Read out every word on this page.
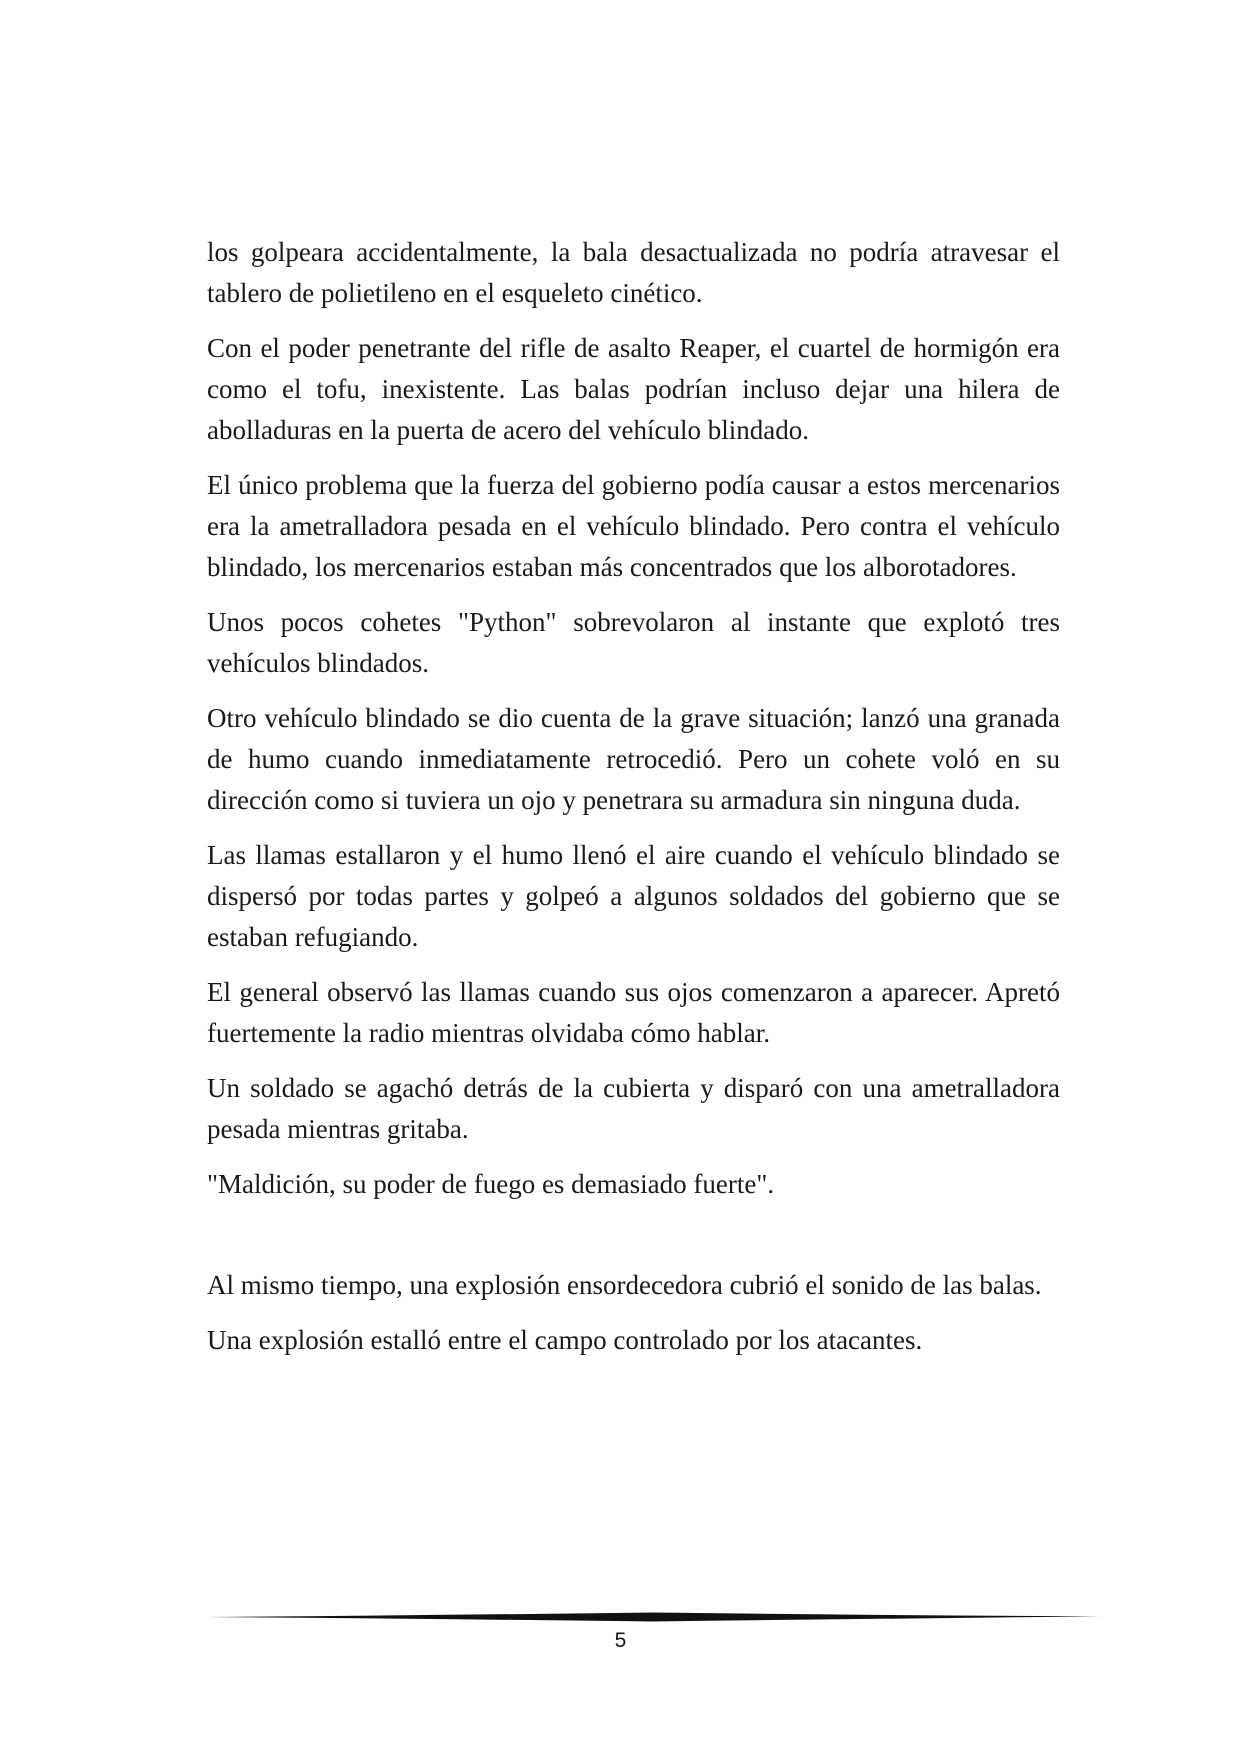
los golpeara accidentalmente, la bala desactualizada no podría atravesar el tablero de polietileno en el esqueleto cinético.

Con el poder penetrante del rifle de asalto Reaper, el cuartel de hormigón era como el tofu, inexistente. Las balas podrían incluso dejar una hilera de abolladuras en la puerta de acero del vehículo blindado.

El único problema que la fuerza del gobierno podía causar a estos mercenarios era la ametralladora pesada en el vehículo blindado. Pero contra el vehículo blindado, los mercenarios estaban más concentrados que los alborotadores.

Unos pocos cohetes "Python" sobrevolaron al instante que explotó tres vehículos blindados.

Otro vehículo blindado se dio cuenta de la grave situación; lanzó una granada de humo cuando inmediatamente retrocedió. Pero un cohete voló en su dirección como si tuviera un ojo y penetrara su armadura sin ninguna duda.

Las llamas estallaron y el humo llenó el aire cuando el vehículo blindado se dispersó por todas partes y golpeó a algunos soldados del gobierno que se estaban refugiando.

El general observó las llamas cuando sus ojos comenzaron a aparecer. Apretó fuertemente la radio mientras olvidaba cómo hablar.

Un soldado se agachó detrás de la cubierta y disparó con una ametralladora pesada mientras gritaba.

"Maldición, su poder de fuego es demasiado fuerte".

Al mismo tiempo, una explosión ensordecedora cubrió el sonido de las balas.

Una explosión estalló entre el campo controlado por los atacantes.

5
